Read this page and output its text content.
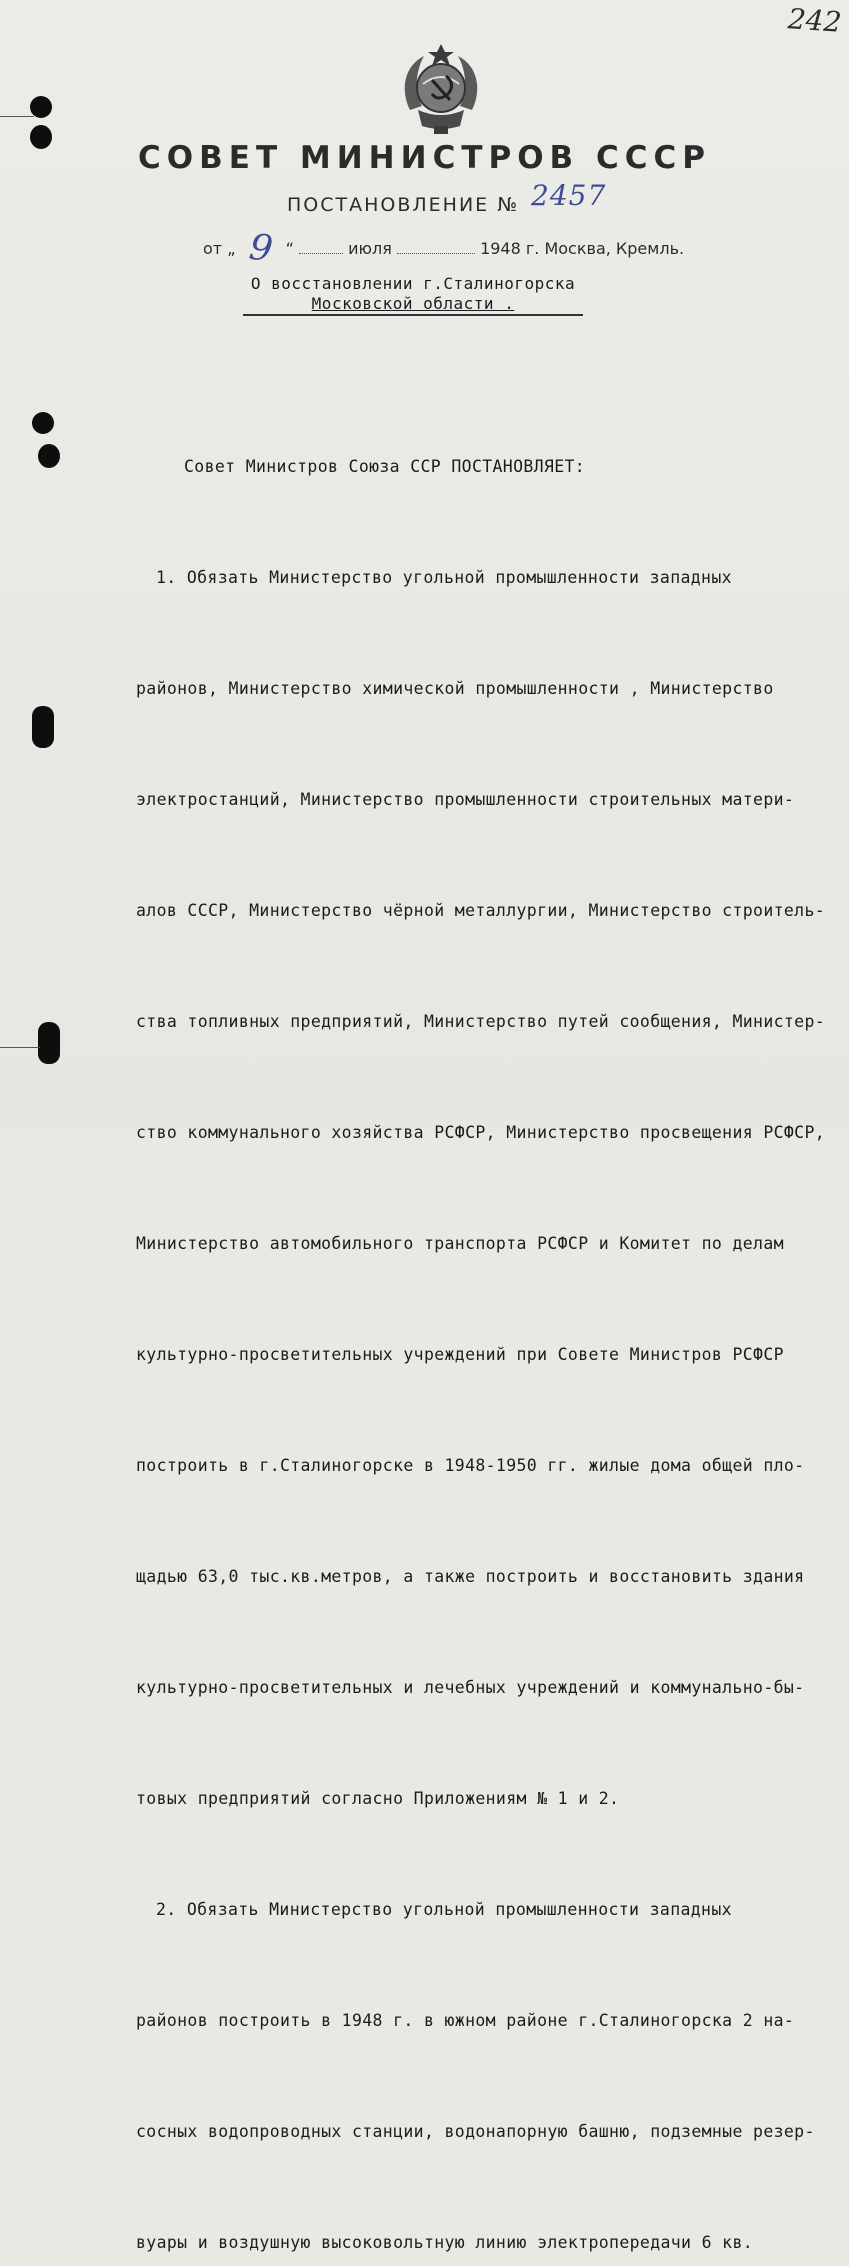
242
СОВЕТ МИНИСТРОВ СССР
ПОСТАНОВЛЕНИЕ № 2457
от „ 9 “	июля	1948 г. Москва, Кремль.
О восстановлении г.Сталиногорска
Московской области .

Совет Министров Союза ССР ПОСТАНОВЛЯЕТ:

1. Обязать Министерство угольной промышленности западных

районов, Министерство химической промышленности , Министерство

электростанций, Министерство промышленности строительных матери-

алов СССР, Министерство чёрной металлургии, Министерство строитель-

ства топливных предприятий, Министерство путей сообщения, Министер-

ство коммунального хозяйства РСФСР, Министерство просвещения РСФСР,

Министерство автомобильного транспорта РСФСР и Комитет по делам

культурно-просветительных учреждений при Совете Министров РСФСР

построить в г.Сталиногорске в 1948-1950 гг. жилые дома общей пло-

щадью 63,0 тыс.кв.метров, а также построить и восстановить здания

культурно-просветительных и лечебных учреждений и коммунально-бы-

товых предприятий согласно Приложениям № 1 и 2.

2. Обязать Министерство угольной промышленности западных

районов построить в 1948 г. в южном районе г.Сталиногорска 2 на-

сосных водопроводных станции, водонапорную башню, подземные резер-

вуары и воздушную высоковольтную линию электропередачи 6 кв.
